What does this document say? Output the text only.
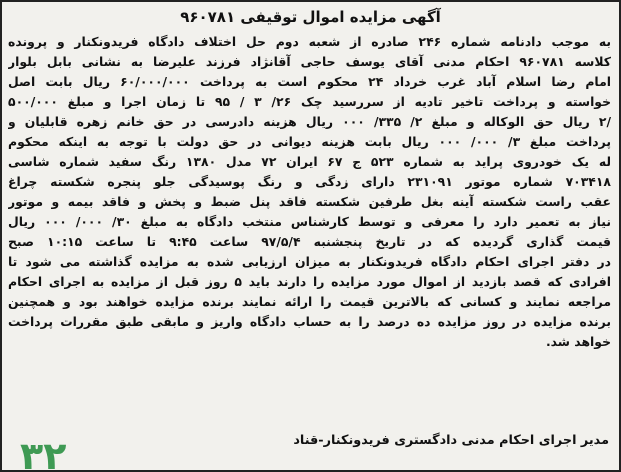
آگهی مزایده اموال توقیفی ۹۶۰۷۸۱
به موجب دادنامه شماره ۲۴۶ صادره از شعبه دوم حل اختلاف دادگاه فریدونکنار و پرونده
کلاسه ۹۶۰۷۸۱ احکام مدنی آقای یوسف حاجی آقانژاد فرزند علیرضا به نشانی بابل بلوار
امام رضا اسلام آباد غرب خرداد ۲۴ محکوم است به پرداخت ۶۰/۰۰۰/۰۰۰ ریال بابت اصل
خواسته و پرداخت تاخیر تادیه از سررسید چک ۲۶/ ۳ / ۹۵ تا زمان اجرا و مبلغ ۵۰۰/۰۰۰
/۲ ریال حق الوکاله و مبلغ ۲/ ۳۳۵/ ۰۰۰ ریال هزینه دادرسی در حق خانم زهره قابلیان و
پرداخت مبلغ ۳/ ۰۰۰/ ۰۰۰ ریال بابت هزینه دیوانی در حق دولت با توجه به اینکه محکوم
له یک خودروی پراید به شماره ۵۲۳ ج ۶۷ ایران ۷۲ مدل ۱۳۸۰ رنگ سفید شماره شاسی
۷۰۳۴۱۸ شماره موتور ۲۳۱۰۹۱ دارای زدگی و رنگ پوسیدگی جلو پنجره شکسته چراغ
عقب راست شکسته آینه بغل طرفین شکسته فاقد پنل ضبط و پخش و فاقد بیمه و موتور
نیاز به تعمیر دارد را معرفی و توسط کارشناس منتخب دادگاه به مبلغ ۳۰/ ۰۰۰/ ۰۰۰ ریال
قیمت گذاری گردیده که در تاریخ پنجشنبه ۹۷/۵/۴ ساعت ۹:۴۵ تا ساعت ۱۰:۱۵ صبح
در دفتر اجرای احکام دادگاه فریدونکنار به میزان ارزیابی شده به مزایده گذاشته می شود تا
افرادی که قصد بازدید از اموال مورد مزایده را دارند باید ۵ روز قبل از مزایده به اجرای احکام
مراجعه نمایند و کسانی که بالاترین قیمت را ارائه نمایند برنده مزایده خواهند بود و همچنین
برنده مزایده در روز مزایده ده درصد را به حساب دادگاه واریز و مابقی طبق مقررات پرداخت
خواهد شد.
مدیر اجرای احکام مدنی دادگستری فریدونکنار-قناد
۳۲
